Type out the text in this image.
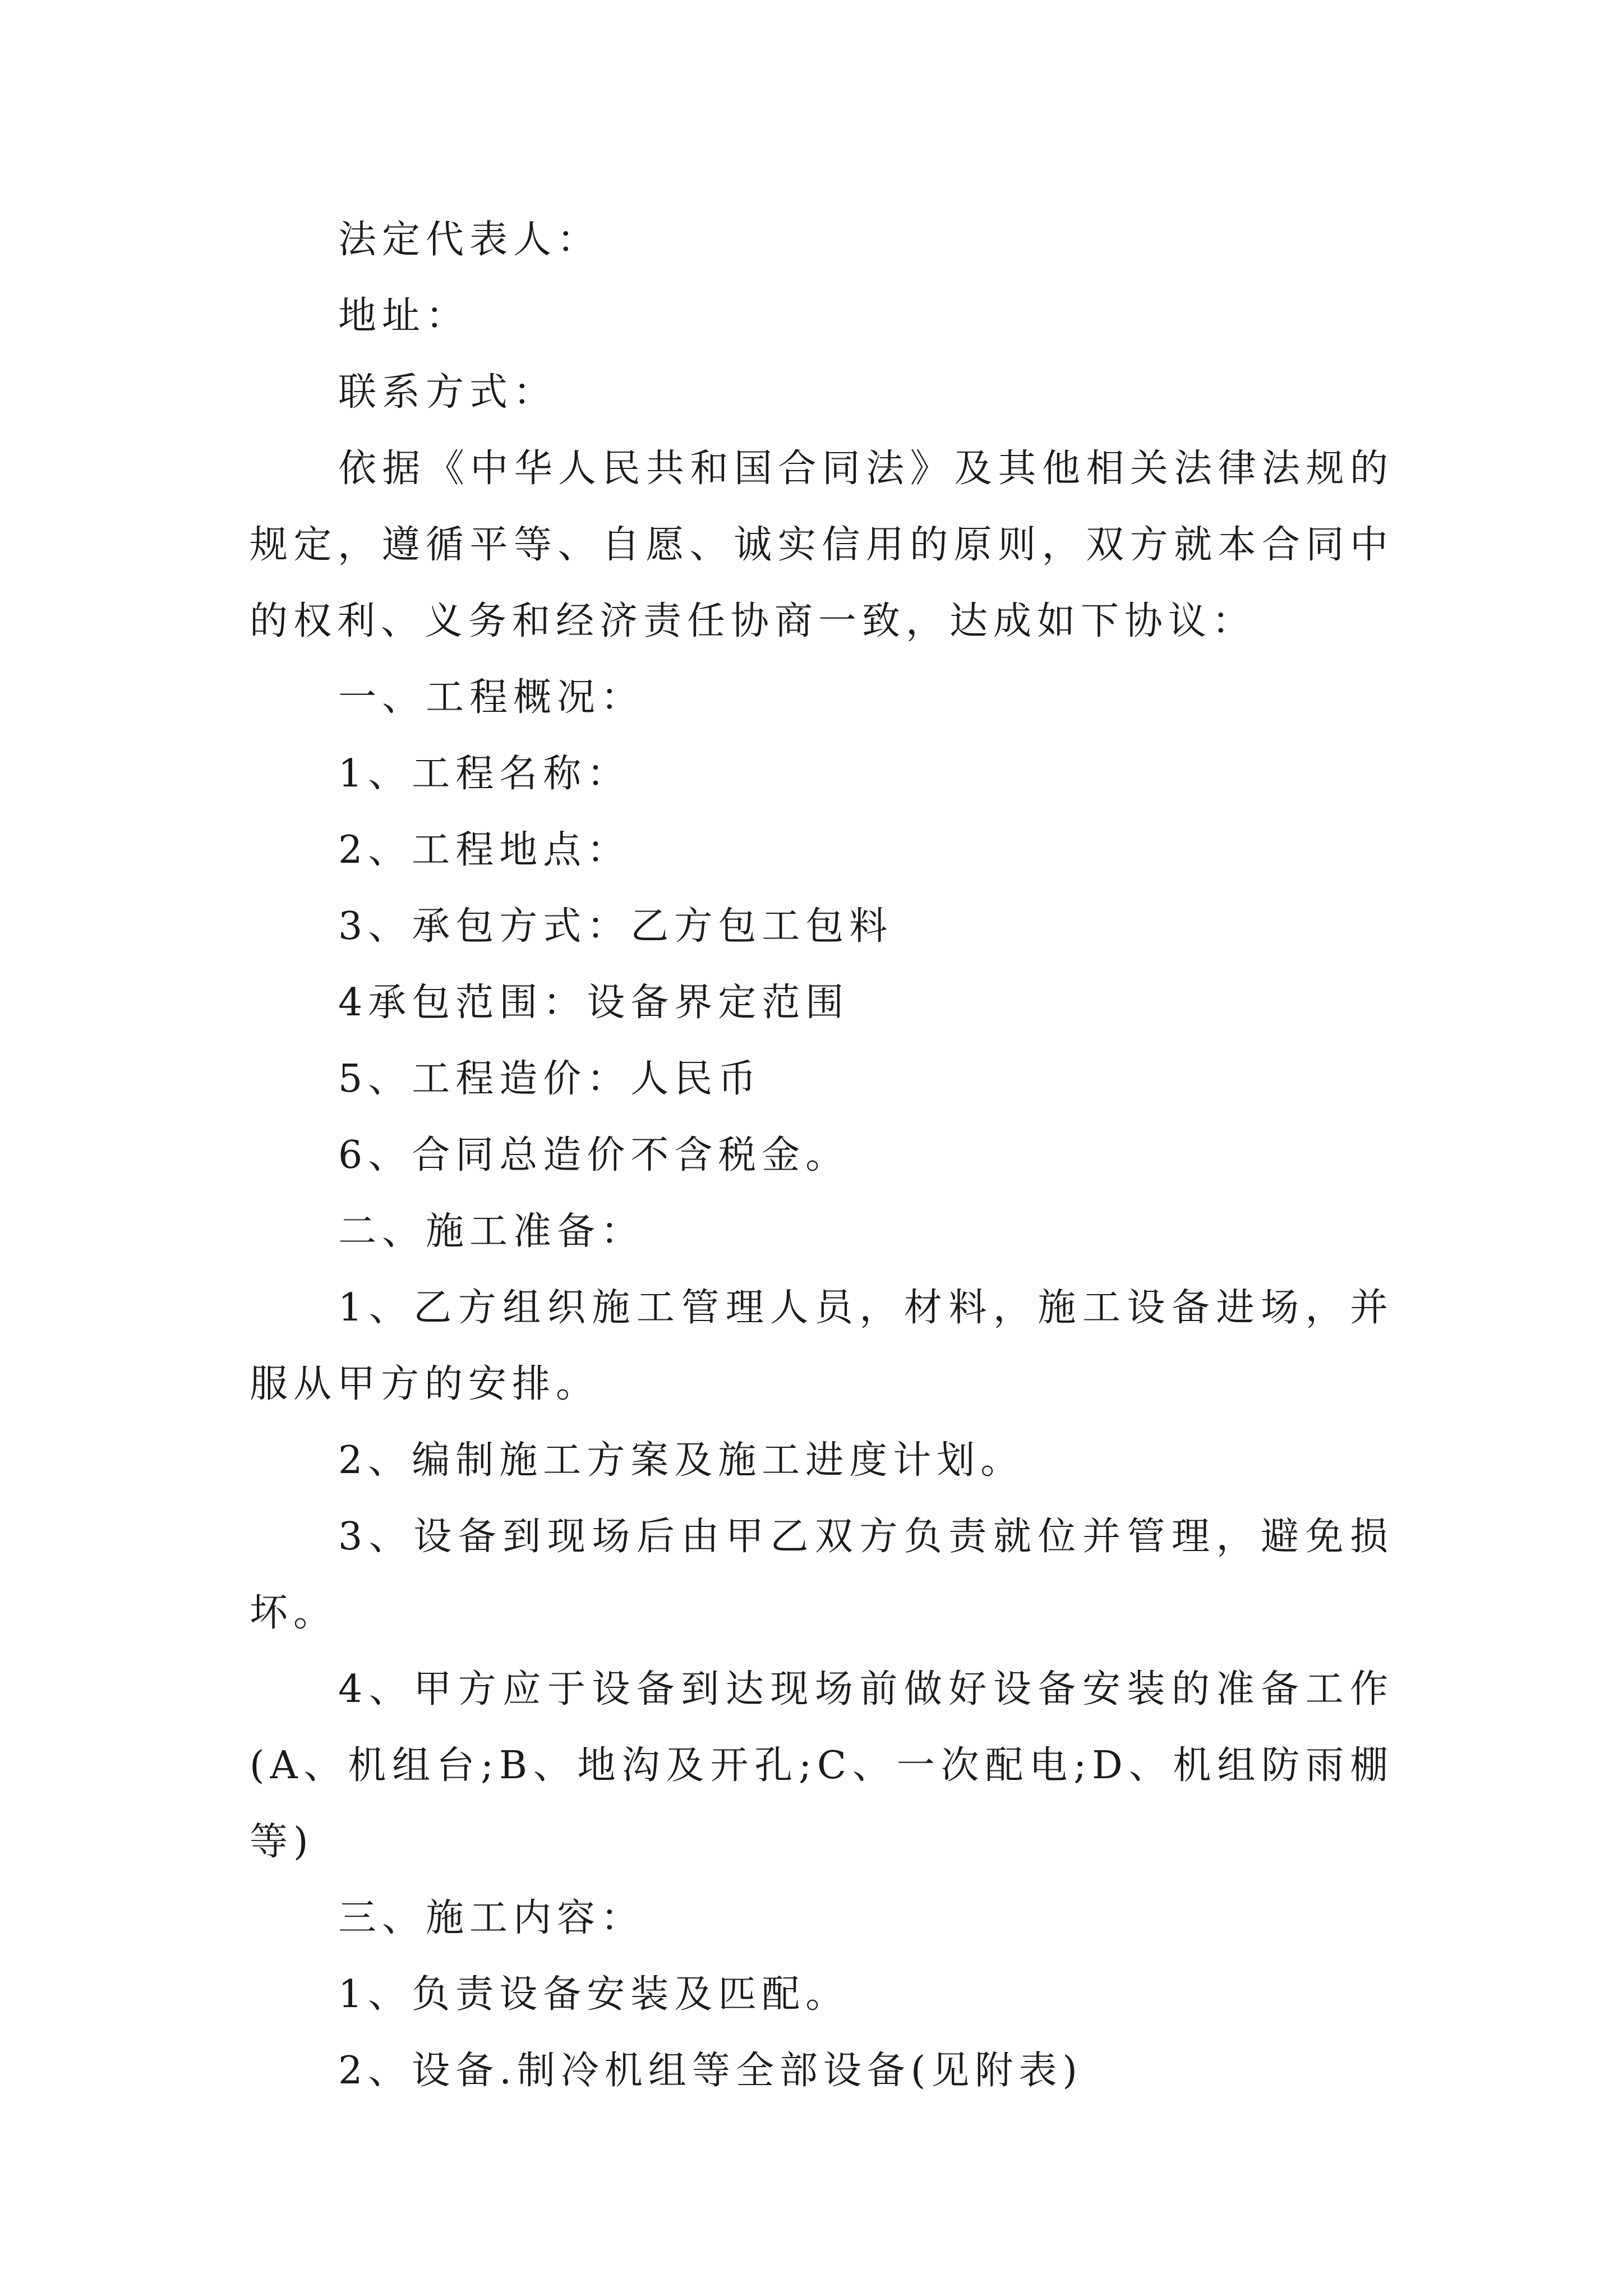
法定代表人：

地址：

联系方式：

依据《中华人民共和国合同法》及其他相关法律法规的规定，遵循平等、自愿、诚实信用的原则，双方就本合同中的权利、义务和经济责任协商一致，达成如下协议：

一、工程概况：

1、工程名称：

2、工程地点：

3、承包方式：乙方包工包料

4承包范围：设备界定范围

5、工程造价：人民币

6、合同总造价不含税金。

二、施工准备：

1、乙方组织施工管理人员，材料，施工设备进场，并服从甲方的安排。

2、编制施工方案及施工进度计划。

3、设备到现场后由甲乙双方负责就位并管理，避免损坏。

4、甲方应于设备到达现场前做好设备安装的准备工作(A、机组台;B、地沟及开孔;C、一次配电;D、机组防雨棚等)

三、施工内容：

1、负责设备安装及匹配。

2、设备.制冷机组等全部设备(见附表)
